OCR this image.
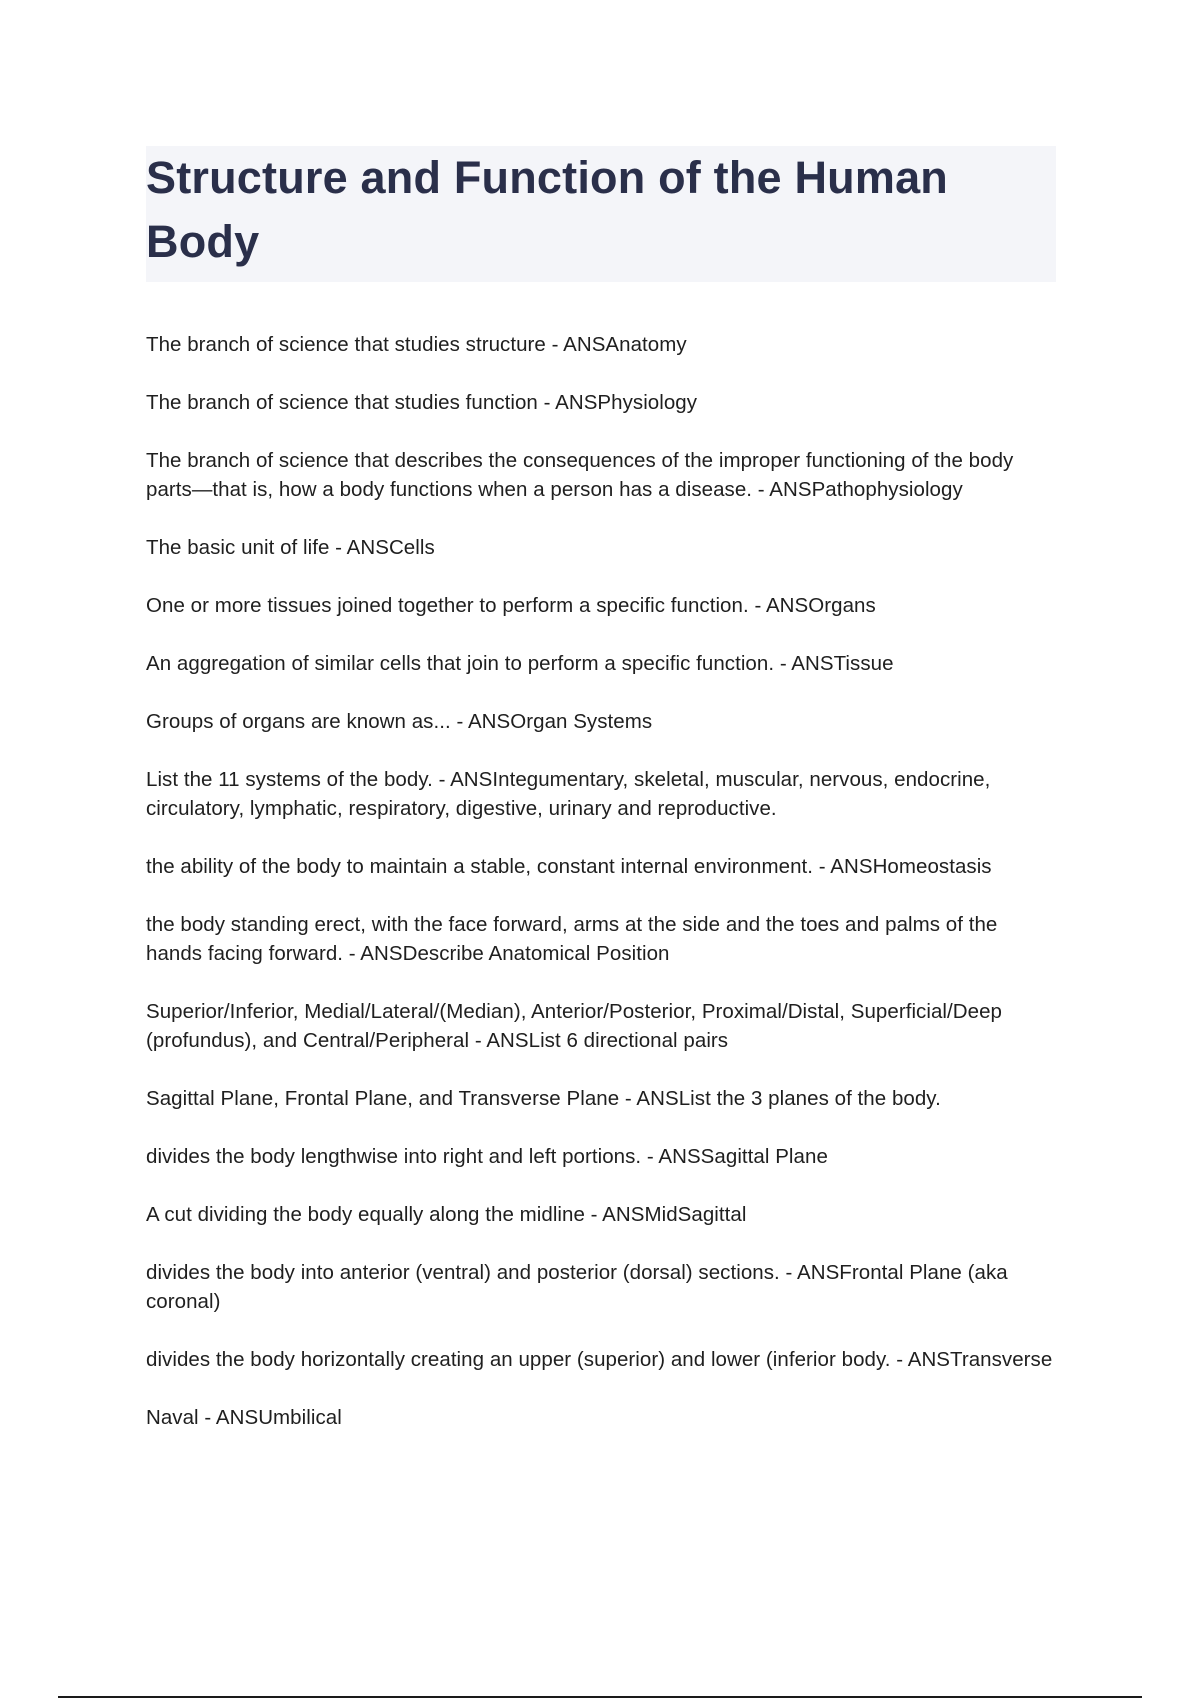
Structure and Function of the Human Body

The branch of science that studies structure - ANSAnatomy

The branch of science that studies function - ANSPhysiology

The branch of science that describes the consequences of the improper functioning of the body parts—that is, how a body functions when a person has a disease. - ANSPathophysiology

The basic unit of life - ANSCells

One or more tissues joined together to perform a specific function. - ANSOrgans

An aggregation of similar cells that join to perform a specific function. - ANSTissue

Groups of organs are known as... - ANSOrgan Systems

List the 11 systems of the body. - ANSIntegumentary, skeletal, muscular, nervous, endocrine, circulatory, lymphatic, respiratory, digestive, urinary and reproductive.

the ability of the body to maintain a stable, constant internal environment. - ANSHomeostasis

the body standing erect, with the face forward, arms at the side and the toes and palms of the hands facing forward. - ANSDescribe Anatomical Position

Superior/Inferior, Medial/Lateral/(Median), Anterior/Posterior, Proximal/Distal, Superficial/Deep (profundus), and Central/Peripheral - ANSList 6 directional pairs

Sagittal Plane, Frontal Plane, and Transverse Plane - ANSList the 3 planes of the body.

divides the body lengthwise into right and left portions. - ANSSagittal Plane

A cut dividing the body equally along the midline - ANSMidSagittal

divides the body into anterior (ventral) and posterior (dorsal) sections. - ANSFrontal Plane (aka coronal)

divides the body horizontally creating an upper (superior) and lower (inferior body. - ANSTransverse

Naval - ANSUmbilical
